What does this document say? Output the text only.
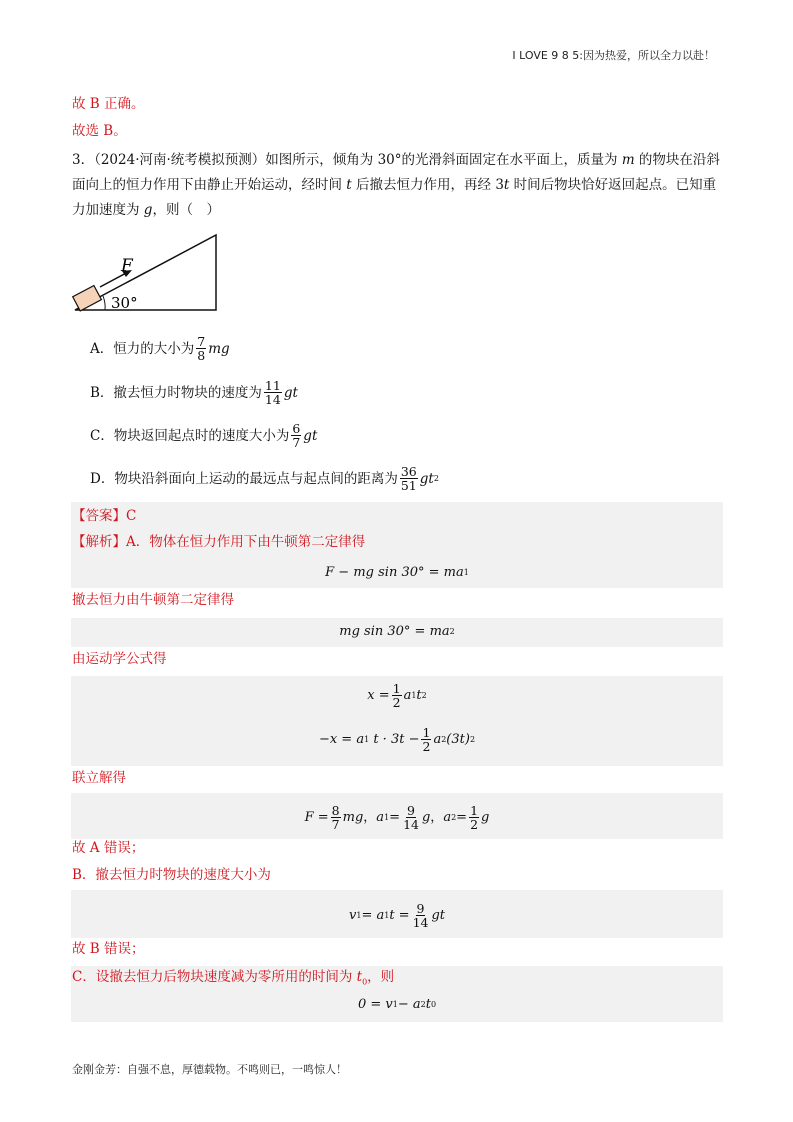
I LOVE 9 8 5:因为热爱，所以全力以赴！
故 B 正确。
故选 B。
3．（2024·河南·统考模拟预测）如图所示，倾角为 30°的光滑斜面固定在水平面上，质量为 m 的物块在沿斜面向上的恒力作用下由静止开始运动，经时间 t 后撤去恒力作用，再经 3t 时间后物块恰好返回起点。已知重力加速度为 g，则（　）
F
30°
A．恒力的大小为 $\frac{7}{8}$ mg
B．撤去恒力时物块的速度为 $\frac{11}{14}$ gt
C．物块返回起点时的速度大小为 $\frac{6}{7}$ gt
D．物块沿斜面向上运动的最远点与起点间的距离为 $\frac{36}{51}$ gt 2
【答案】C
【解析】A．物体在恒力作用下由牛顿第二定律得
F − mg sin 30° = ma 1
撤去恒力由牛顿第二定律得
mg sin 30° = ma 2
由运动学公式得
$x = \frac{1}{2}$ a 1 t 2
−x = a 1
$t \cdot 3t - \frac{1}{2}$ a 2 (3t) 2
联立解得
$F = \frac{8}{7}$ mg ， a $1 = \frac{9}{14}$ g ， a $2 = \frac{1}{2}$ g
故 A 错误；
B．撤去恒力时物块的速度大小为
v 1 = a 1 $t = \frac{9}{14}$ gt
故 B 错误；
0 = v 1 − a 2 t 0
C．设撤去恒力后物块速度减为零所用的时间为 $t_0$，则
金刚金芳：自强不息，厚德载物。不鸣则已，一鸣惊人！
